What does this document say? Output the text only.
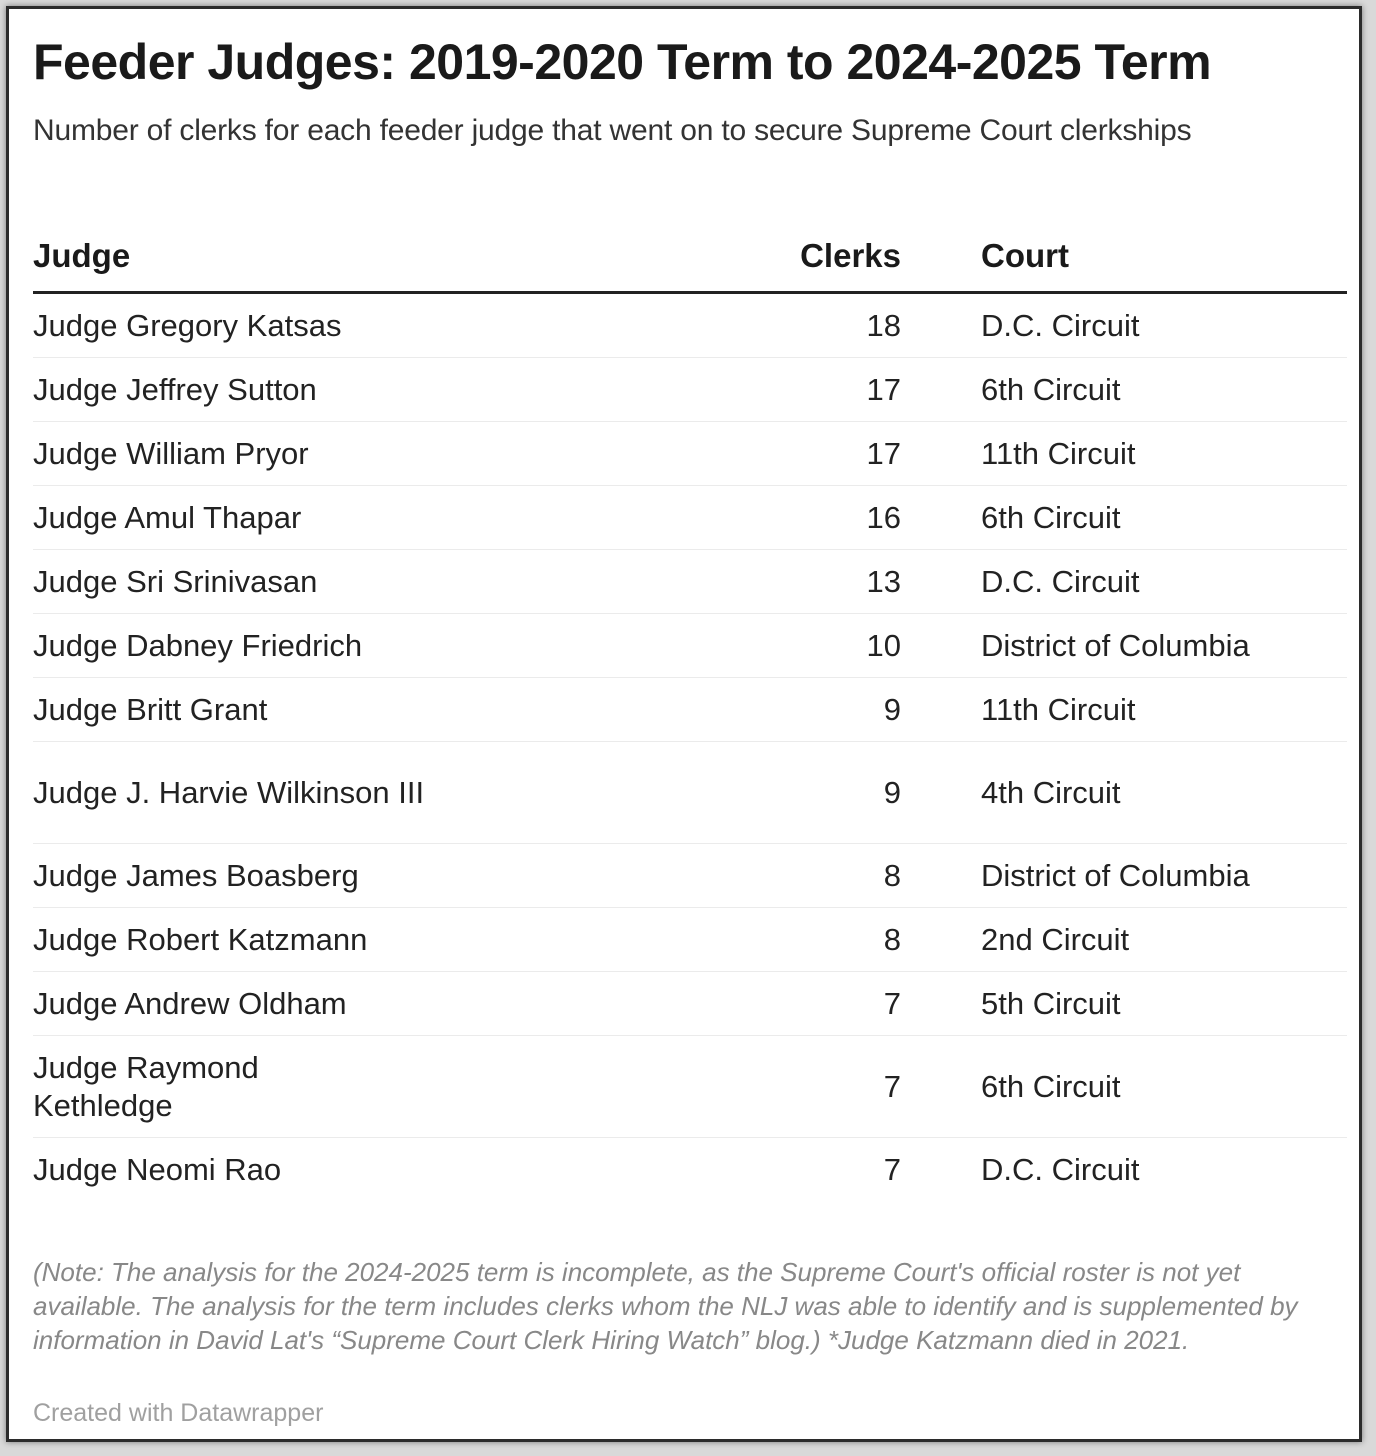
Feeder Judges: 2019-2020 Term to 2024-2025 Term
Number of clerks for each feeder judge that went on to secure Supreme Court clerkships
Judge	Clerks	Court
Judge Gregory Katsas	18	D.C. Circuit
Judge Jeffrey Sutton	17	6th Circuit
Judge William Pryor	17	11th Circuit
Judge Amul Thapar	16	6th Circuit
Judge Sri Srinivasan	13	D.C. Circuit
Judge Dabney Friedrich	10	District of Columbia
Judge Britt Grant	9	11th Circuit
Judge J. Harvie Wilkinson III	9	4th Circuit
Judge James Boasberg	8	District of Columbia
Judge Robert Katzmann	8	2nd Circuit
Judge Andrew Oldham	7	5th Circuit
Judge Raymond Kethledge	7	6th Circuit
Judge Neomi Rao	7	D.C. Circuit
(Note: The analysis for the 2024-2025 term is incomplete, as the Supreme Court's official roster is not yet available. The analysis for the term includes clerks whom the NLJ was able to identify and is supplemented by information in David Lat's “Supreme Court Clerk Hiring Watch” blog.) *Judge Katzmann died in 2021.
Created with Datawrapper
